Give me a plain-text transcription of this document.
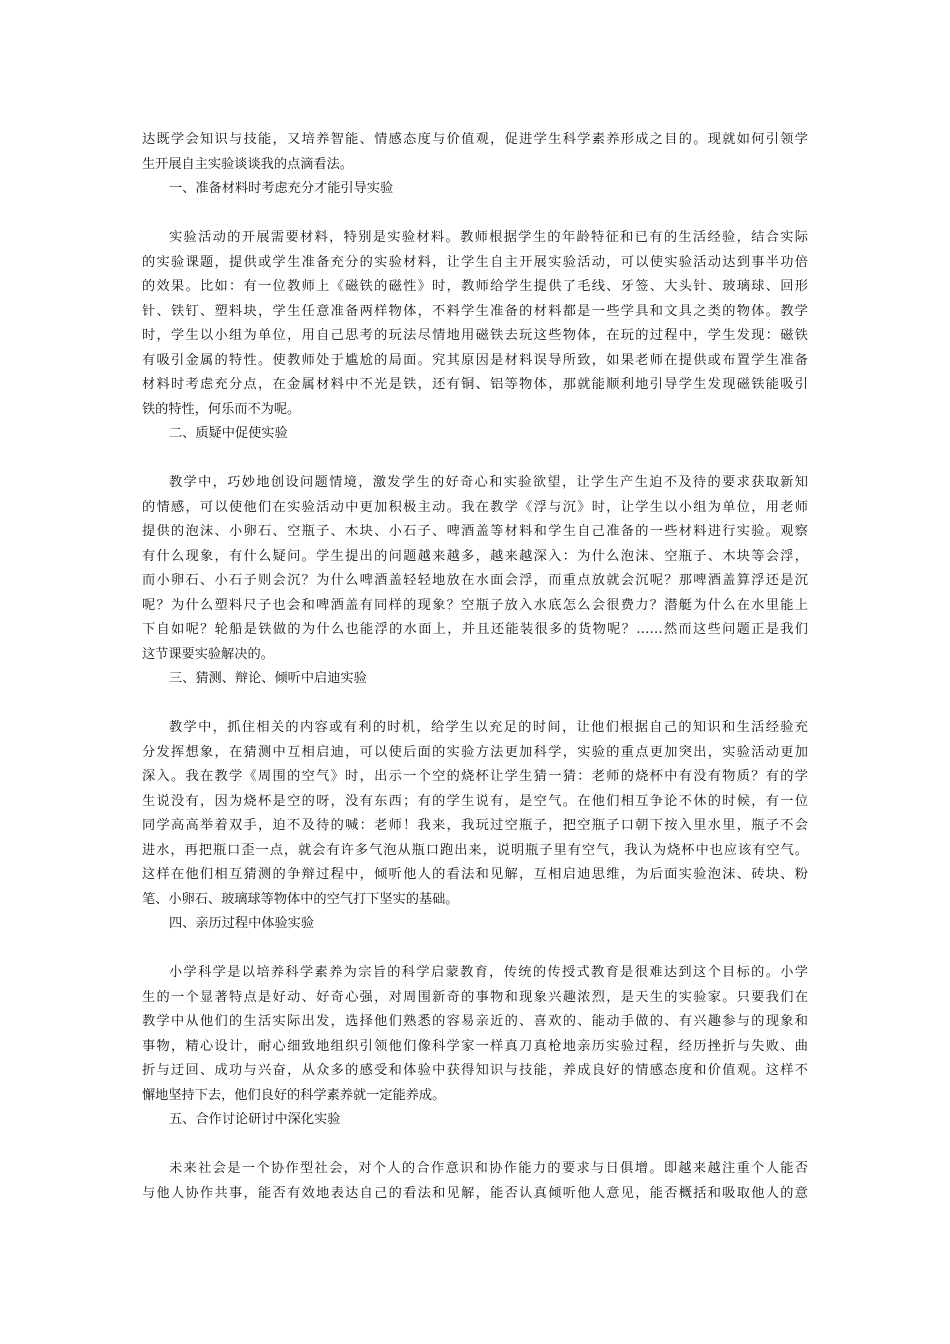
达既学会知识与技能，又培养智能、情感态度与价值观，促进学生科学素养形成之目的。现就如何引领学
生开展自主实验谈谈我的点滴看法。
一、准备材料时考虑充分才能引导实验
实验活动的开展需要材料，特别是实验材料。教师根据学生的年龄特征和已有的生活经验，结合实际
的实验课题，提供或学生准备充分的实验材料，让学生自主开展实验活动，可以使实验活动达到事半功倍
的效果。比如：有一位教师上《磁铁的磁性》时，教师给学生提供了毛线、牙签、大头针、玻璃球、回形
针、铁钉、塑料块，学生任意准备两样物体，不料学生准备的材料都是一些学具和文具之类的物体。教学
时，学生以小组为单位，用自己思考的玩法尽情地用磁铁去玩这些物体，在玩的过程中，学生发现：磁铁
有吸引金属的特性。使教师处于尴尬的局面。究其原因是材料误导所致，如果老师在提供或布置学生准备
材料时考虑充分点，在金属材料中不光是铁，还有铜、铝等物体，那就能顺利地引导学生发现磁铁能吸引
铁的特性，何乐而不为呢。
二、质疑中促使实验
教学中，巧妙地创设问题情境，激发学生的好奇心和实验欲望，让学生产生迫不及待的要求获取新知
的情感，可以使他们在实验活动中更加积极主动。我在教学《浮与沉》时，让学生以小组为单位，用老师
提供的泡沫、小卵石、空瓶子、木块、小石子、啤酒盖等材料和学生自己准备的一些材料进行实验。观察
有什么现象，有什么疑问。学生提出的问题越来越多，越来越深入：为什么泡沫、空瓶子、木块等会浮，
而小卵石、小石子则会沉？为什么啤酒盖轻轻地放在水面会浮，而重点放就会沉呢？那啤酒盖算浮还是沉
呢？为什么塑料尺子也会和啤酒盖有同样的现象？空瓶子放入水底怎么会很费力？潜艇为什么在水里能上
下自如呢？轮船是铁做的为什么也能浮的水面上，并且还能装很多的货物呢？……然而这些问题正是我们
这节课要实验解决的。
三、猜测、辩论、倾听中启迪实验
教学中，抓住相关的内容或有利的时机，给学生以充足的时间，让他们根据自己的知识和生活经验充
分发挥想象，在猜测中互相启迪，可以使后面的实验方法更加科学，实验的重点更加突出，实验活动更加
深入。我在教学《周围的空气》时，出示一个空的烧杯让学生猜一猜：老师的烧杯中有没有物质？有的学
生说没有，因为烧杯是空的呀，没有东西；有的学生说有，是空气。在他们相互争论不休的时候，有一位
同学高高举着双手，迫不及待的喊：老师！我来，我玩过空瓶子，把空瓶子口朝下按入里水里，瓶子不会
进水，再把瓶口歪一点，就会有许多气泡从瓶口跑出来，说明瓶子里有空气，我认为烧杯中也应该有空气。
这样在他们相互猜测的争辩过程中，倾听他人的看法和见解，互相启迪思维，为后面实验泡沫、砖块、粉
笔、小卵石、玻璃球等物体中的空气打下坚实的基础。
四、亲历过程中体验实验
小学科学是以培养科学素养为宗旨的科学启蒙教育，传统的传授式教育是很难达到这个目标的。小学
生的一个显著特点是好动、好奇心强，对周围新奇的事物和现象兴趣浓烈，是天生的实验家。只要我们在
教学中从他们的生活实际出发，选择他们熟悉的容易亲近的、喜欢的、能动手做的、有兴趣参与的现象和
事物，精心设计，耐心细致地组织引领他们像科学家一样真刀真枪地亲历实验过程，经历挫折与失败、曲
折与迂回、成功与兴奋，从众多的感受和体验中获得知识与技能，养成良好的情感态度和价值观。这样不
懈地坚持下去，他们良好的科学素养就一定能养成。
五、合作讨论研讨中深化实验
未来社会是一个协作型社会，对个人的合作意识和协作能力的要求与日俱增。即越来越注重个人能否
与他人协作共事，能否有效地表达自己的看法和见解，能否认真倾听他人意见，能否概括和吸取他人的意
